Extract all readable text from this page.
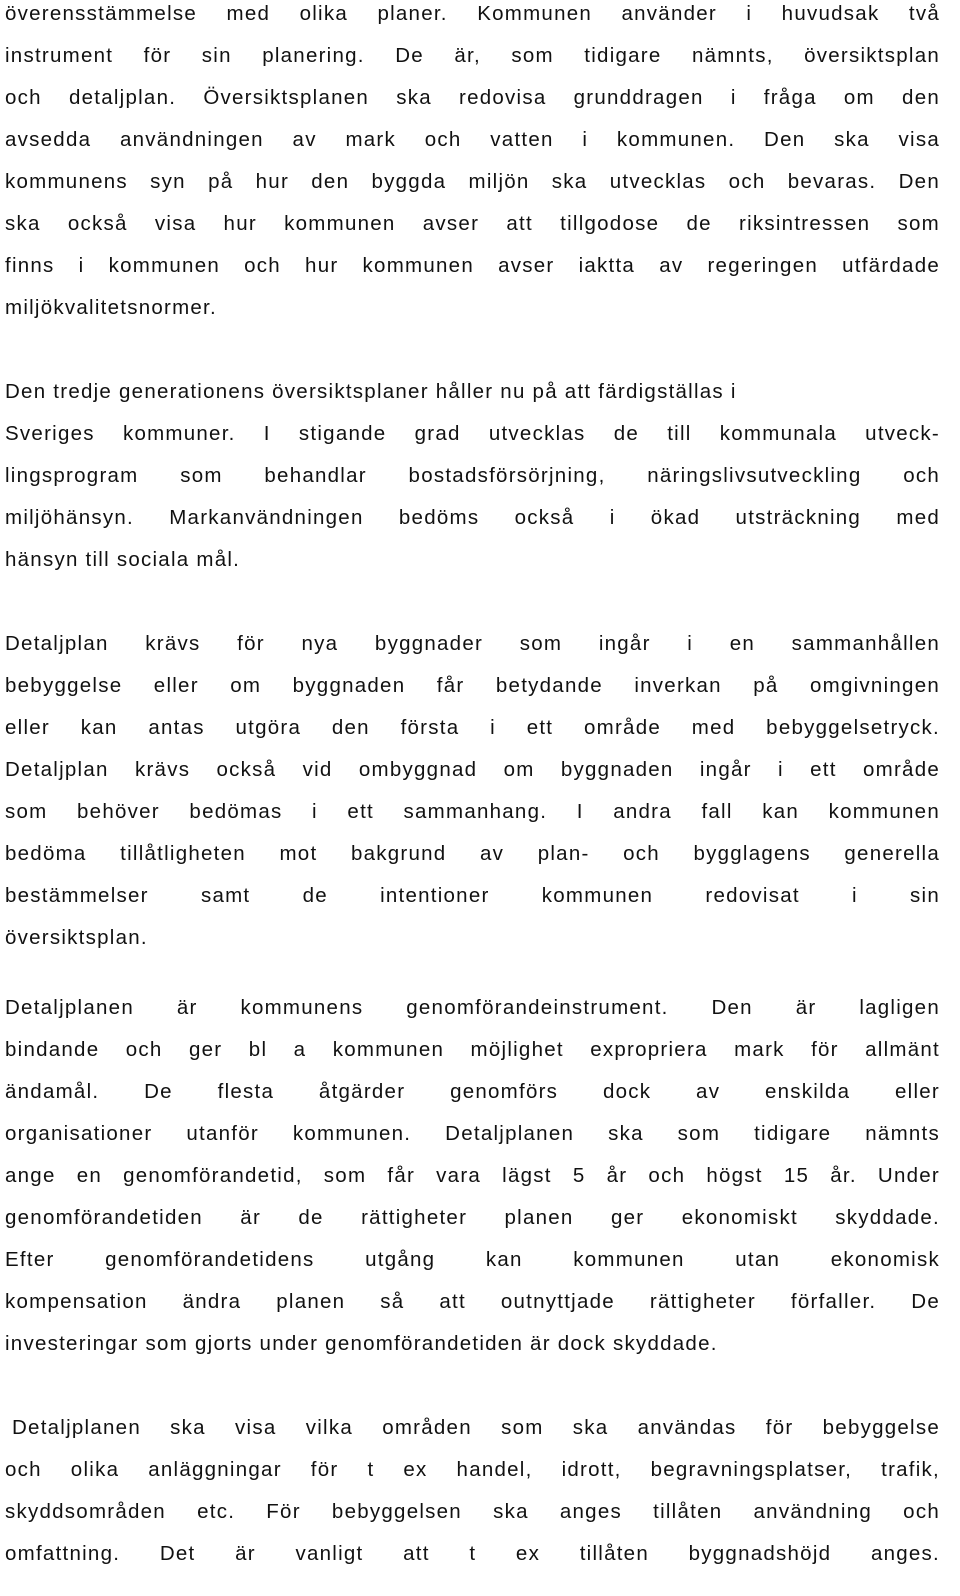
överensstämmelse med olika planer. Kommunen använder i huvudsak två

instrument för sin planering. De är, som tidigare nämnts, översiktsplan

och detaljplan. Översiktsplanen ska redovisa grunddragen i fråga om den

avsedda användningen av mark och vatten i kommunen. Den ska visa

kommunens syn på hur den byggda miljön ska utvecklas och bevaras. Den

ska också visa hur kommunen avser att tillgodose de riksintressen som

finns i kommunen och hur kommunen avser iaktta av regeringen utfärdade

miljökvalitetsnormer.

Den tredje generationens översiktsplaner håller nu på att färdigställas i

Sveriges kommuner. I stigande grad utvecklas de till kommunala utveck-

lingsprogram som behandlar bostadsförsörjning, näringslivsutveckling och

miljöhänsyn. Markanvändningen bedöms också i ökad utsträckning med

hänsyn till sociala mål.

Detaljplan krävs för nya byggnader som ingår i en sammanhållen

bebyggelse eller om byggnaden får betydande inverkan på omgivningen

eller kan antas utgöra den första i ett område med bebyggelsetryck.

Detaljplan krävs också vid ombyggnad om byggnaden ingår i ett område

som behöver bedömas i ett sammanhang. I andra fall kan kommunen

bedöma tillåtligheten mot bakgrund av plan- och bygglagens generella

bestämmelser samt de intentioner kommunen redovisat i sin

översiktsplan.

Detaljplanen är kommunens genomförandeinstrument. Den är lagligen

bindande och ger bl a kommunen möjlighet expropriera mark för allmänt

ändamål. De flesta åtgärder genomförs dock av enskilda eller

organisationer utanför kommunen. Detaljplanen ska som tidigare nämnts

ange en genomförandetid, som får vara lägst 5 år och högst 15 år. Under

genomförandetiden är de rättigheter planen ger ekonomiskt skyddade.

Efter genomförandetidens utgång kan kommunen utan ekonomisk

kompensation ändra planen så att outnyttjade rättigheter förfaller. De

investeringar som gjorts under genomförandetiden är dock skyddade.

Detaljplanen ska visa vilka områden som ska användas för bebyggelse

och olika anläggningar för t ex handel, idrott, begravningsplatser, trafik,

skyddsområden etc. För bebyggelsen ska anges tillåten användning och

omfattning. Det är vanligt att t ex tillåten byggnadshöjd anges.
